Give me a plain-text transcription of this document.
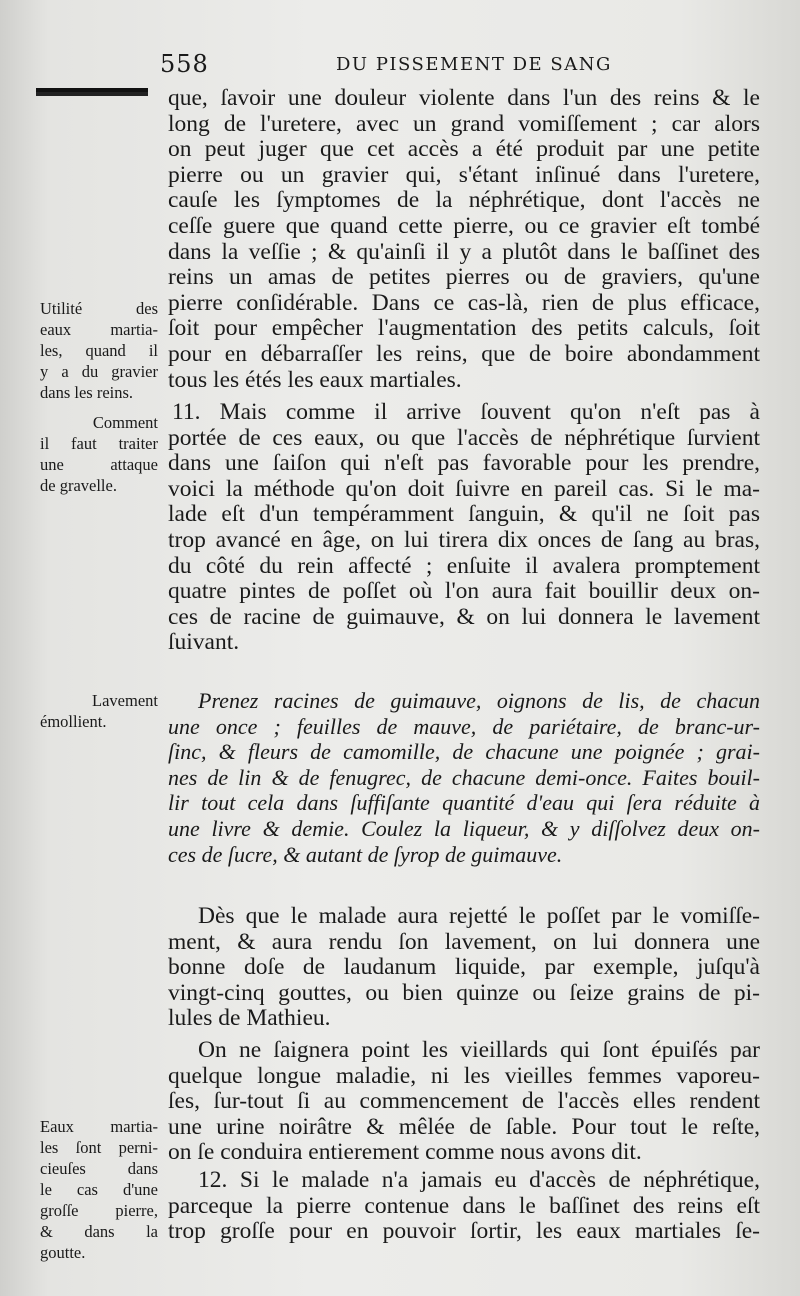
558	DU PISSEMENT DE SANG
que, ſavoir une douleur violente dans l'un des reins & le
long de l'uretere, avec un grand vomiſſement ; car alors
on peut juger que cet accès a été produit par une petite
pierre ou un gravier qui, s'étant inſinué dans l'uretere,
cauſe les ſymptomes de la néphrétique, dont l'accès ne
ceſſe guere que quand cette pierre, ou ce gravier eſt tombé
dans la veſſie ; & qu'ainſi il y a plutôt dans le baſſinet des
reins un amas de petites pierres ou de graviers, qu'une
pierre conſidérable. Dans ce cas-là, rien de plus efficace,
ſoit pour empêcher l'augmentation des petits calculs, ſoit
pour en débarraſſer les reins, que de boire abondamment
tous les étés les eaux martiales.
11. Mais comme il arrive ſouvent qu'on n'eſt pas à
portée de ces eaux, ou que l'accès de néphrétique ſurvient
dans une ſaiſon qui n'eſt pas favorable pour les prendre,
voici la méthode qu'on doit ſuivre en pareil cas. Si le ma-
lade eſt d'un tempéramment ſanguin, & qu'il ne ſoit pas
trop avancé en âge, on lui tirera dix onces de ſang au bras,
du côté du rein affecté ; enſuite il avalera promptement
quatre pintes de poſſet où l'on aura fait bouillir deux on-
ces de racine de guimauve, & on lui donnera le lavement
ſuivant.
Prenez racines de guimauve, oignons de lis, de chacun
une once ; feuilles de mauve, de pariétaire, de branc-ur-
ſinc, & fleurs de camomille, de chacune une poignée ; grai-
nes de lin & de fenugrec, de chacune demi-once. Faites bouil-
lir tout cela dans ſuffiſante quantité d'eau qui ſera réduite à
une livre & demie. Coulez la liqueur, & y diſſolvez deux on-
ces de ſucre, & autant de ſyrop de guimauve.
Dès que le malade aura rejetté le poſſet par le vomiſſe-
ment, & aura rendu ſon lavement, on lui donnera une
bonne doſe de laudanum liquide, par exemple, juſqu'à
vingt-cinq gouttes, ou bien quinze ou ſeize grains de pi-
lules de Mathieu.
On ne ſaignera point les vieillards qui ſont épuiſés par
quelque longue maladie, ni les vieilles femmes vaporeu-
ſes, ſur-tout ſi au commencement de l'accès elles rendent
une urine noirâtre & mêlée de ſable. Pour tout le reſte,
on ſe conduira entierement comme nous avons dit.
12. Si le malade n'a jamais eu d'accès de néphrétique,
parceque la pierre contenue dans le baſſinet des reins eſt
trop groſſe pour en pouvoir ſortir, les eaux martiales ſe-
Utilité des
eaux martia-
les, quand il
y a du gravier
dans les reins.
Comment
il faut traiter
une attaque
de gravelle.
Lavement
émollient.
Eaux martia-
les ſont perni-
cieuſes dans
le cas d'une
groſſe pierre,
& dans la
goutte.
